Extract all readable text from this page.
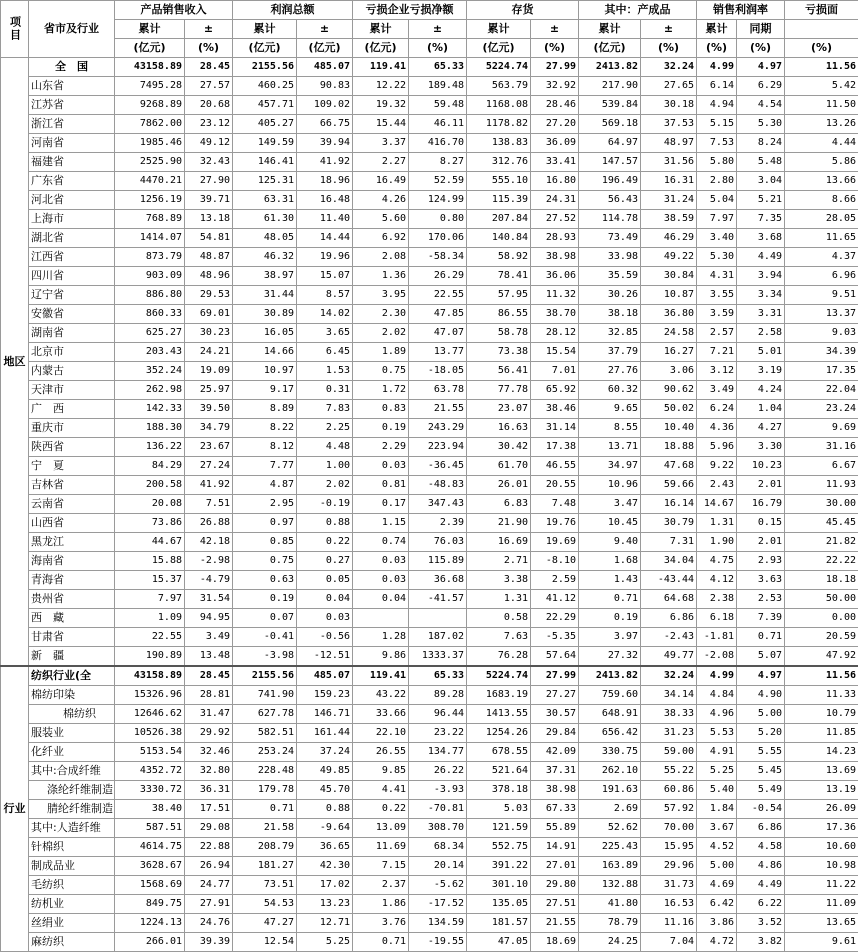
项目	省市及行业	产品销售收入		利润总额		亏损企业亏损净额		存货		其中：产成品		销售利润率		亏损面
		累计	±	累计	±	累计	±	累计	±	累计	±	累计	同期	
		(亿元)	(%)	(亿元)	(亿元)	(亿元)	(%)	(亿元)	(%)	(亿元)	(%)	(%)	(%)	(%)
地区	全　国	43158.89	28.45	2155.56	485.07	119.41	65.33	5224.74	27.99	2413.82	32.24	4.99	4.97	11.56
	山东省	7495.28	27.57	460.25	90.83	12.22	189.48	563.79	32.92	217.90	27.65	6.14	6.29	5.42
	江苏省	9268.89	20.68	457.71	109.02	19.32	59.48	1168.08	28.46	539.84	30.18	4.94	4.54	11.50
	浙江省	7862.00	23.12	405.27	66.75	15.44	46.11	1178.82	27.20	569.18	37.53	5.15	5.30	13.26
	河南省	1985.46	49.12	149.59	39.94	3.37	416.70	138.83	36.09	64.97	48.97	7.53	8.24	4.44
	福建省	2525.90	32.43	146.41	41.92	2.27	8.27	312.76	33.41	147.57	31.56	5.80	5.48	5.86
	广东省	4470.21	27.90	125.31	18.96	16.49	52.59	555.10	16.80	196.49	16.31	2.80	3.04	13.66
	河北省	1256.19	39.71	63.31	16.48	4.26	124.99	115.39	24.31	56.43	31.24	5.04	5.21	8.66
	上海市	768.89	13.18	61.30	11.40	5.60	0.80	207.84	27.52	114.78	38.59	7.97	7.35	28.05
	湖北省	1414.07	54.81	48.05	14.44	6.92	170.06	140.84	28.93	73.49	46.29	3.40	3.68	11.65
	江西省	873.79	48.87	46.32	19.96	2.08	-58.34	58.92	38.98	33.98	49.22	5.30	4.49	4.37
	四川省	903.09	48.96	38.97	15.07	1.36	26.29	78.41	36.06	35.59	30.84	4.31	3.94	6.96
	辽宁省	886.80	29.53	31.44	8.57	3.95	22.55	57.95	11.32	30.26	10.87	3.55	3.34	9.51
	安徽省	860.33	69.01	30.89	14.02	2.30	47.85	86.55	38.70	38.18	36.80	3.59	3.31	13.37
	湖南省	625.27	30.23	16.05	3.65	2.02	47.07	58.78	28.12	32.85	24.58	2.57	2.58	9.03
	北京市	203.43	24.21	14.66	6.45	1.89	13.77	73.38	15.54	37.79	16.27	7.21	5.01	34.39
	内蒙古	352.24	19.09	10.97	1.53	0.75	-18.05	56.41	7.01	27.76	3.06	3.12	3.19	17.35
	天津市	262.98	25.97	9.17	0.31	1.72	63.78	77.78	65.92	60.32	90.62	3.49	4.24	22.04
	广　西	142.33	39.50	8.89	7.83	0.83	21.55	23.07	38.46	9.65	50.02	6.24	1.04	23.24
	重庆市	188.30	34.79	8.22	2.25	0.19	243.29	16.63	31.14	8.55	10.40	4.36	4.27	9.69
	陕西省	136.22	23.67	8.12	4.48	2.29	223.94	30.42	17.38	13.71	18.88	5.96	3.30	31.16
	宁　夏	84.29	27.24	7.77	1.00	0.03	-36.45	61.70	46.55	34.97	47.68	9.22	10.23	6.67
	吉林省	200.58	41.92	4.87	2.02	0.81	-48.83	26.01	20.55	10.96	59.66	2.43	2.01	11.93
	云南省	20.08	7.51	2.95	-0.19	0.17	347.43	6.83	7.48	3.47	16.14	14.67	16.79	30.00
	山西省	73.86	26.88	0.97	0.88	1.15	2.39	21.90	19.76	10.45	30.79	1.31	0.15	45.45
	黑龙江	44.67	42.18	0.85	0.22	0.74	76.03	16.69	19.69	9.40	7.31	1.90	2.01	21.82
	海南省	15.88	-2.98	0.75	0.27	0.03	115.89	2.71	-8.10	1.68	34.04	4.75	2.93	22.22
	青海省	15.37	-4.79	0.63	0.05	0.03	36.68	3.38	2.59	1.43	-43.44	4.12	3.63	18.18
	贵州省	7.97	31.54	0.19	0.04	0.04	-41.57	1.31	41.12	0.71	64.68	2.38	2.53	50.00
	西　藏	1.09	94.95	0.07	0.03			0.58	22.29	0.19	6.86	6.18	7.39	0.00
	甘肃省	22.55	3.49	-0.41	-0.56	1.28	187.02	7.63	-5.35	3.97	-2.43	-1.81	0.71	20.59
	新　疆	190.89	13.48	-3.98	-12.51	9.86	1333.37	76.28	57.64	27.32	49.77	-2.08	5.07	47.92
行业	纺织行业(全	43158.89	28.45	2155.56	485.07	119.41	65.33	5224.74	27.99	2413.82	32.24	4.99	4.97	11.56
	棉纺印染	15326.96	28.81	741.90	159.23	43.22	89.28	1683.19	27.27	759.60	34.14	4.84	4.90	11.33
	棉纺织	12646.62	31.47	627.78	146.71	33.66	96.44	1413.55	30.57	648.91	38.33	4.96	5.00	10.79
	服装业	10526.38	29.92	582.51	161.44	22.10	23.22	1254.26	29.84	656.42	31.23	5.53	5.20	11.85
	化纤业	5153.54	32.46	253.24	37.24	26.55	134.77	678.55	42.09	330.75	59.00	4.91	5.55	14.23
	其中:合成纤维	4352.72	32.80	228.48	49.85	9.85	26.22	521.64	37.31	262.10	55.22	5.25	5.45	13.69
	涤纶纤维制造	3330.72	36.31	179.78	45.70	4.41	-3.93	378.18	38.98	191.63	60.86	5.40	5.49	13.19
	腈纶纤维制造	38.40	17.51	0.71	0.88	0.22	-70.81	5.03	67.33	2.69	57.92	1.84	-0.54	26.09
	其中:人造纤维	587.51	29.08	21.58	-9.64	13.09	308.70	121.59	55.89	52.62	70.00	3.67	6.86	17.36
	针棉织	4614.75	22.88	208.79	36.65	11.69	68.34	552.75	14.91	225.43	15.95	4.52	4.58	10.60
	制成品业	3628.67	26.94	181.27	42.30	7.15	20.14	391.22	27.01	163.89	29.96	5.00	4.86	10.98
	毛纺织	1568.69	24.77	73.51	17.02	2.37	-5.62	301.10	29.80	132.88	31.73	4.69	4.49	11.22
	纺机业	849.75	27.91	54.53	13.23	1.86	-17.52	135.05	27.51	41.80	16.53	6.42	6.22	11.09
	丝绢业	1224.13	24.76	47.27	12.71	3.76	134.59	181.57	21.55	78.79	11.16	3.86	3.52	13.65
	麻纺织	266.01	39.39	12.54	5.25	0.71	-19.55	47.05	18.69	24.25	7.04	4.72	3.82	9.61
